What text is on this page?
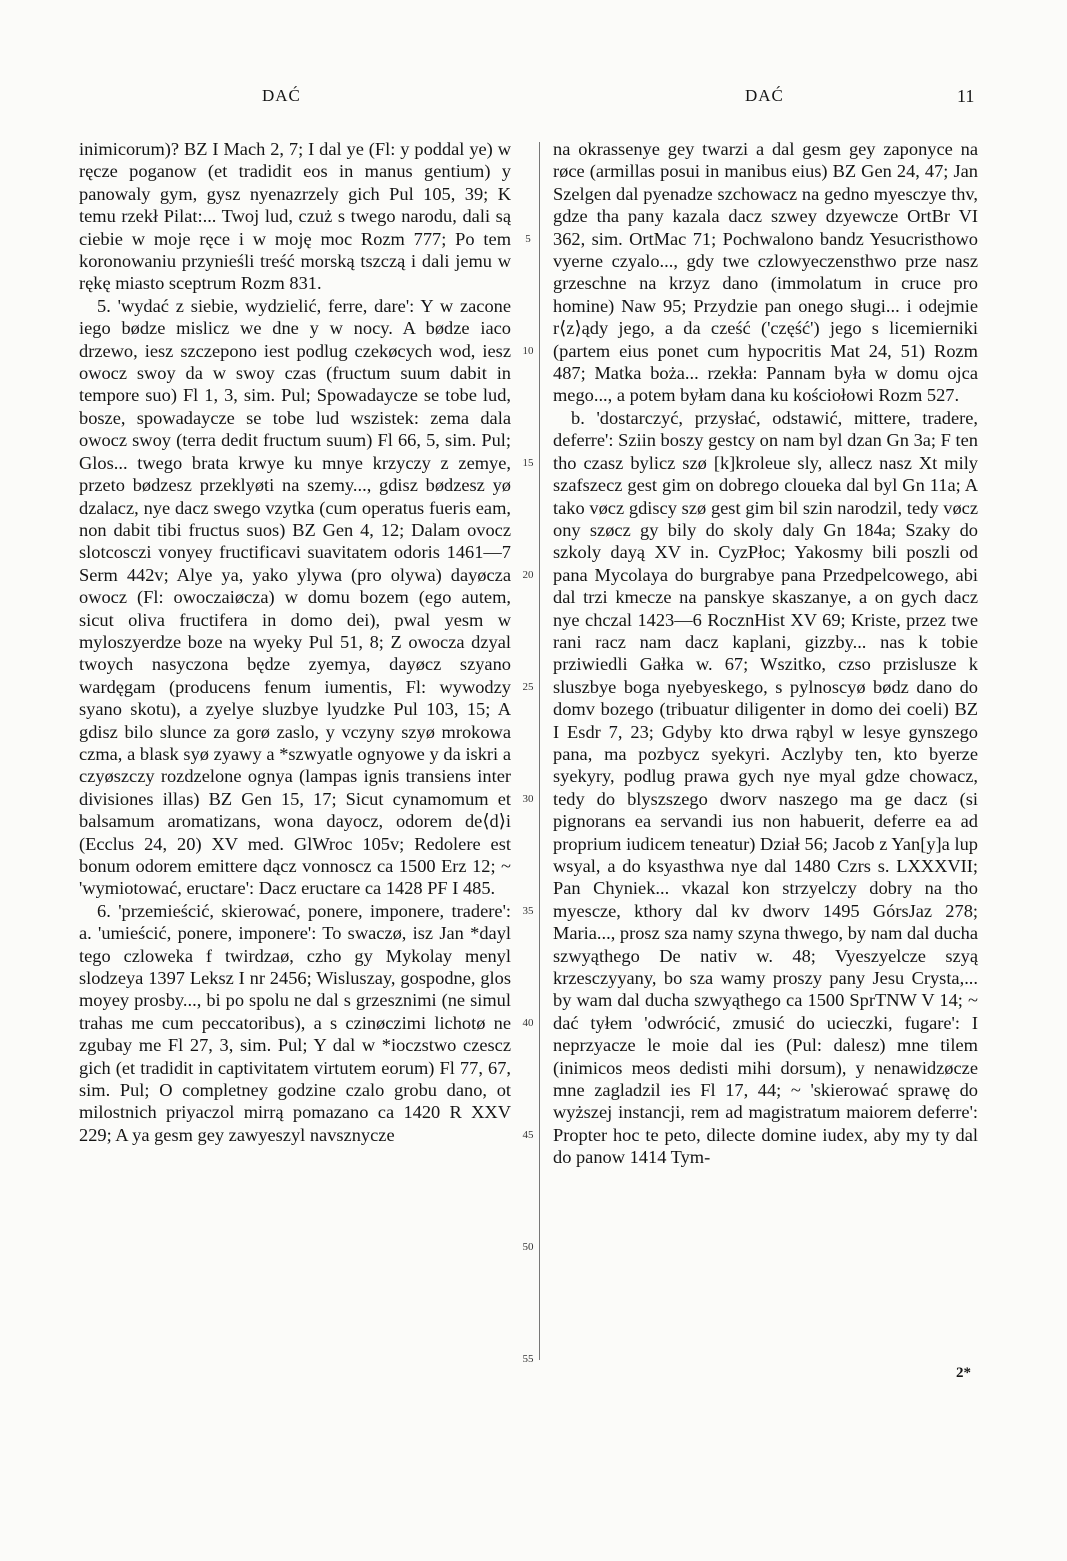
DAĆ	DAĆ	11

inimicorum)? BZ I Mach 2, 7; I dal ye (Fl: y poddal ye) w ręcze poganow (et tradidit eos in manus gentium) y panowaly gym, gysz nyenazrzely gich Pul 105, 39; K temu rzekł Pilat:... Twoj lud, czuż s twego narodu, dali są ciebie w moje ręce i w moję moc Rozm 777; Po tem koronowaniu przynieśli treść morską tszczą i dali jemu w rękę miasto sceptrum Rozm 831.

5. 'wydać z siebie, wydzielić, ferre, dare': Y w zacone iego bødze mislicz we dne y w nocy. A bødze iaco drzewo, iesz szczepono iest podlug czekøcych wod, iesz owocz swoy da w swoy czas (fructum suum dabit in tempore suo) Fl 1, 3, sim. Pul; Spowadaycze se tobe lud, bosze, spowadaycze se tobe lud wszistek: zema dala owocz swoy (terra dedit fructum suum) Fl 66, 5, sim. Pul; Glos... twego brata krwye ku mnye krzyczy z zemye, przeto bødzesz przeklyøti na szemy..., gdisz bødzesz yø dzalacz, nye dacz swego vzytka (cum operatus fueris eam, non dabit tibi fructus suos) BZ Gen 4, 12; Dalam ovocz slotcosczi vonyey fructificavi suavitatem odoris 1461—7 Serm 442v; Alye ya, yako ylywa (pro olywa) dayøcza owocz (Fl: owoczaiøcza) w domu bozem (ego autem, sicut oliva fructifera in domo dei), pwal yesm w myloszyerdze boze na wyeky Pul 51, 8; Z owocza dzyal twoych nasyczona będze zyemya, dayøcz szyano wardęgam (producens fenum iumentis, Fl: wywodzy syano skotu), a zyelye sluzbye lyudzke Pul 103, 15; A gdisz bilo slunce za gorø zaslo, y vczyny szyø mrokowa czma, a blask syø zyawy a *szwyatle ognyowe y da iskri a czyøszczy rozdzelone ognya (lampas ignis transiens inter divisiones illas) BZ Gen 15, 17; Sicut cynamomum et balsamum aromatizans, wona dayocz, odorem de⟨d⟩i (Ecclus 24, 20) XV med. GlWroc 105v; Redolere est bonum odorem emittere dącz vonnoscz ca 1500 Erz 12; ~ 'wymiotować, eructare': Dacz eructare ca 1428 PF I 485.

6. 'przemieścić, skierować, ponere, imponere, tradere': a. 'umieścić, ponere, imponere': To swaczø, isz Jan *dayl tego czloweka f twirdzaø, czho gy Mykolay menyl slodzeya 1397 Leksz I nr 2456; Wisluszay, gospodne, glos moyey prosby..., bi po spolu ne dal s grzesznimi (ne simul trahas me cum peccatoribus), a s czinøczimi lichotø ne zgubay me Fl 27, 3, sim. Pul; Y dal w *ioczstwo czescz gich (et tradidit in captivitatem virtutem eorum) Fl 77, 67, sim. Pul; O completney godzine czalo grobu dano, ot milostnich priyaczol mirrą pomazano ca 1420 R XXV 229; A ya gesm gey zawyeszyl navsznycze

5
10
15
20
25
30
35
40
45
50
55

na okrassenye gey twarzi a dal gesm gey zaponyce na røce (armillas posui in manibus eius) BZ Gen 24, 47; Jan Szelgen dal pyenadze szchowacz na gedno myesczye thv, gdze tha pany kazala dacz szwey dzyewcze OrtBr VI 362, sim. OrtMac 71; Pochwalono bandz Yesucristhowo vyerne czyalo..., gdy twe czlowyeczensthwo prze nasz grzeschne na krzyz dano (immolatum in cruce pro homine) Naw 95; Przydzie pan onego sługi... i odejmie r⟨z⟩ądy jego, a da cześć ('część') jego s licemierniki (partem eius ponet cum hypocritis Mat 24, 51) Rozm 487; Matka boża... rzekła: Pannam była w domu ojca mego..., a potem byłam dana ku kościołowi Rozm 527.

b. 'dostarczyć, przysłać, odstawić, mittere, tradere, deferre': Sziin boszy gestcy on nam byl dzan Gn 3a; F ten tho czasz bylicz szø [k]kroleue sly, allecz nasz Xt mily szafszecz gest gim on dobrego cloueka dal byl Gn 11a; A tako vøcz gdiscy szø gest gim bil szin narodzil, tedy vøcz ony szøcz gy bily do skoly daly Gn 184a; Szaky do szkoly dayą XV in. CyzPłoc; Yakosmy bili poszli od pana Mycolaya do burgrabye pana Przedpelcowego, abi dal trzi kmecze na panskye skaszanye, a on gych dacz nye chczal 1423—6 RocznHist XV 69; Kriste, przez twe rani racz nam dacz kaplani, gizzby... nas k tobie prziwiedli Gałka w. 67; Wszitko, czso przislusze k sluszbye boga nyebyeskego, s pylnoscyø bødz dano do domv bozego (tribuatur diligenter in domo dei coeli) BZ I Esdr 7, 23; Gdyby kto drwa rąbyl w lesye gynszego pana, ma pozbycz syekyri. Aczlyby ten, kto byerze syekyry, podlug prawa gych nye myal gdze chowacz, tedy do blyszszego dworv naszego ma ge dacz (si pignorans ea servandi ius non habuerit, deferre ea ad proprium iudicem teneatur) Dział 56; Jacob z Yan[y]a lup wsyal, a do ksyasthwa nye dal 1480 Czrs s. LXXXVII; Pan Chyniek... vkazal kon strzyelczy dobry na tho myescze, kthory dal kv dworv 1495 GórsJaz 278; Maria..., prosz sza namy szyna thwego, by nam dal ducha szwyąthego De nativ w. 48; Vyeszyelcze szyą krzesczyyany, bo sza wamy proszy pany Jesu Crysta,... by wam dal ducha szwyąthego ca 1500 SprTNW V 14; ~ dać tyłem 'odwrócić, zmusić do ucieczki, fugare': I neprzyacze le moie dal ies (Pul: dalesz) mne tilem (inimicos meos dedisti mihi dorsum), y nenawidzøcze mne zagladzil ies Fl 17, 44; ~ 'skierować sprawę do wyższej instancji, rem ad magistratum maiorem deferre': Propter hoc te peto, dilecte domine iudex, aby my ty dal do panow 1414 Tym-

2*
